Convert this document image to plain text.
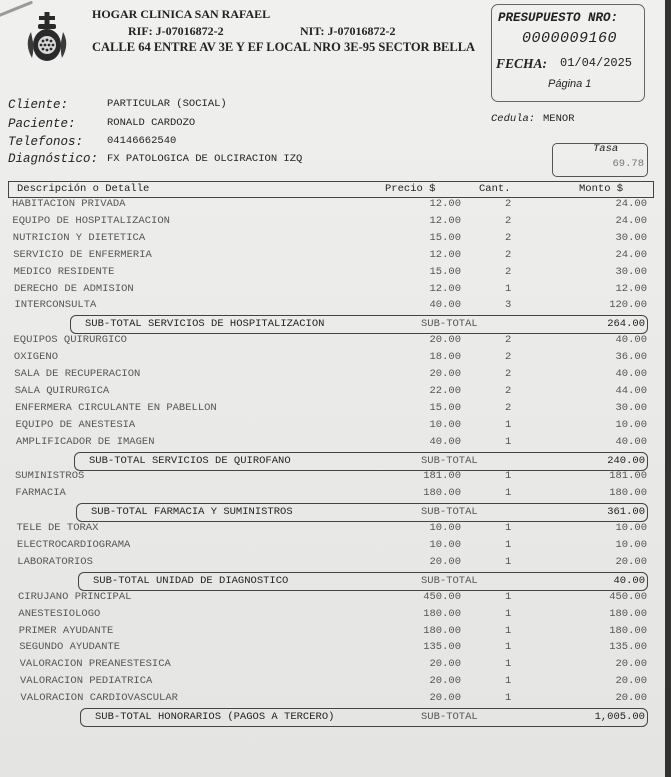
HOGAR CLINICA SAN RAFAEL
RIF: J-07016872-2	NIT: J-07016872-2
CALLE 64 ENTRE AV 3E Y EF LOCAL NRO 3E-95 SECTOR BELLA
PRESUPUESTO NRO:
0000009160
FECHA: 01/04/2025
Página 1
Cliente:	PARTICULAR (SOCIAL)
Paciente:	RONALD CARDOZO
Telefonos: 04146662540
Diagnóstico: FX PATOLOGICA DE OLCIRACION IZQ
Cedula: MENOR
Tasa
69.78
Descripción o Detalle	Precio $	Cant.	Monto $
HABITACION PRIVADA	12.00	2	24.00
EQUIPO DE HOSPITALIZACION	12.00	2	24.00
NUTRICION Y DIETETICA	15.00	2	30.00
SERVICIO DE ENFERMERIA	12.00	2	24.00
MEDICO RESIDENTE	15.00	2	30.00
DERECHO DE ADMISION	12.00	1	12.00
INTERCONSULTA	40.00	3	120.00
SUB-TOTAL SERVICIOS DE HOSPITALIZACION	SUB-TOTAL	264.00
EQUIPOS QUIRURGICO	20.00	2	40.00
OXIGENO	18.00	2	36.00
SALA DE RECUPERACION	20.00	2	40.00
SALA QUIRURGICA	22.00	2	44.00
ENFERMERA CIRCULANTE EN PABELLON	15.00	2	30.00
EQUIPO DE ANESTESIA	10.00	1	10.00
AMPLIFICADOR DE IMAGEN	40.00	1	40.00
SUB-TOTAL SERVICIOS DE QUIROFANO	SUB-TOTAL	240.00
SUMINISTROS	181.00	1	181.00
FARMACIA	180.00	1	180.00
SUB-TOTAL FARMACIA Y SUMINISTROS	SUB-TOTAL	361.00
TELE DE TORAX	10.00	1	10.00
ELECTROCARDIOGRAMA	10.00	1	10.00
LABORATORIOS	20.00	1	20.00
SUB-TOTAL UNIDAD DE DIAGNOSTICO	SUB-TOTAL	40.00
CIRUJANO PRINCIPAL	450.00	1	450.00
ANESTESIOLOGO	180.00	1	180.00
PRIMER AYUDANTE	180.00	1	180.00
SEGUNDO AYUDANTE	135.00	1	135.00
VALORACION PREANESTESICA	20.00	1	20.00
VALORACION PEDIATRICA	20.00	1	20.00
VALORACION CARDIOVASCULAR	20.00	1	20.00
SUB-TOTAL HONORARIOS (PAGOS A TERCERO)	SUB-TOTAL	1,005.00
